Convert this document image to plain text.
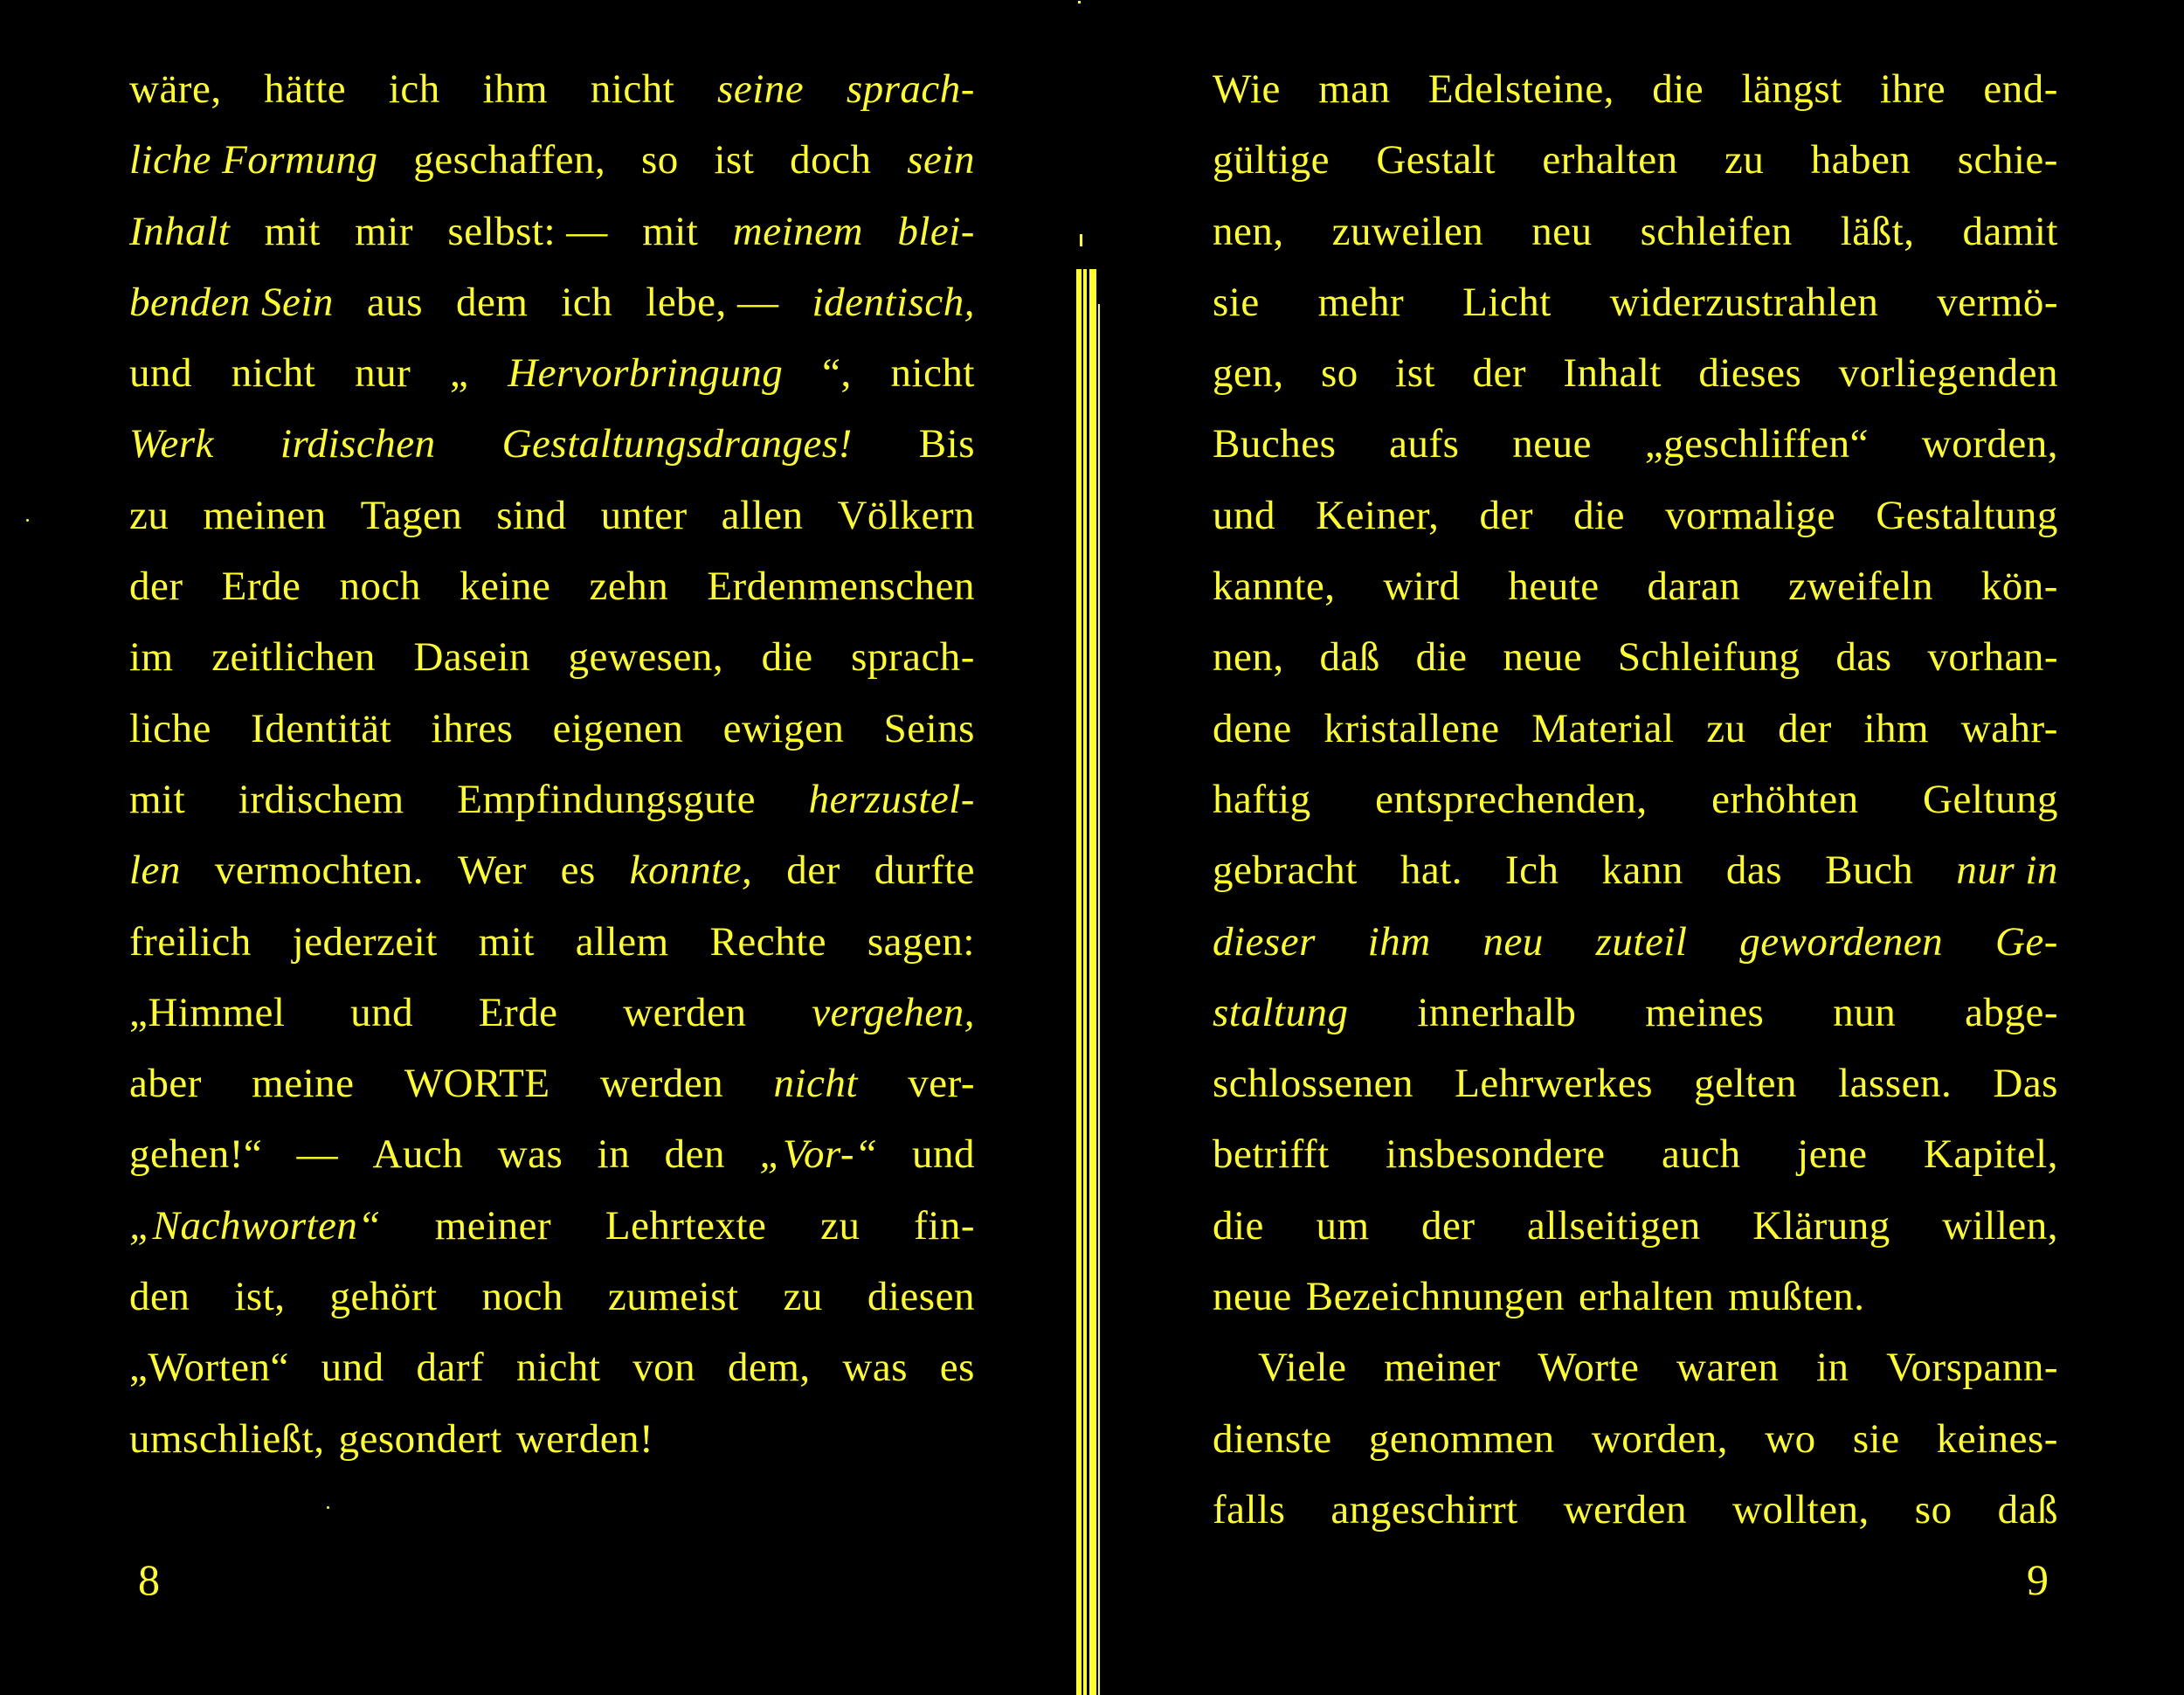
wäre, hätte ich ihm nicht seine sprach-
liche Formung geschaffen, so ist doch sein
Inhalt mit mir selbst: — mit meinem blei-
benden Sein aus dem ich lebe, — identisch,
und nicht nur „ Hervorbringung “, nicht
Werk irdischen Gestaltungsdranges! Bis
zu meinen Tagen sind unter allen Völkern
der Erde noch keine zehn Erdenmenschen
im zeitlichen Dasein gewesen, die sprach-
liche Identität ihres eigenen ewigen Seins
mit irdischem Empfindungsgute herzustel-
len vermochten. Wer es konnte, der durfte
freilich jederzeit mit allem Rechte sagen:
„Himmel und Erde werden vergehen,
aber meine WORTE werden nicht ver-
gehen!“ — Auch was in den „Vor-“ und
„Nachworten“ meiner Lehrtexte zu fin-
den ist, gehört noch zumeist zu diesen
„Worten“ und darf nicht von dem, was es
umschließt, gesondert werden!
Wie man Edelsteine, die längst ihre end-
gültige Gestalt erhalten zu haben schie-
nen, zuweilen neu schleifen läßt, damit
sie mehr Licht widerzustrahlen vermö-
gen, so ist der Inhalt dieses vorliegenden
Buches aufs neue „geschliffen“ worden,
und Keiner, der die vormalige Gestaltung
kannte, wird heute daran zweifeln kön-
nen, daß die neue Schleifung das vorhan-
dene kristallene Material zu der ihm wahr-
haftig entsprechenden, erhöhten Geltung
gebracht hat. Ich kann das Buch nur in
dieser ihm neu zuteil gewordenen Ge-
staltung innerhalb meines nun abge-
schlossenen Lehrwerkes gelten lassen. Das
betrifft insbesondere auch jene Kapitel,
die um der allseitigen Klärung willen,
neue Bezeichnungen erhalten mußten.
Viele meiner Worte waren in Vorspann-
dienste genommen worden, wo sie keines-
falls angeschirrt werden wollten, so daß
8	9
